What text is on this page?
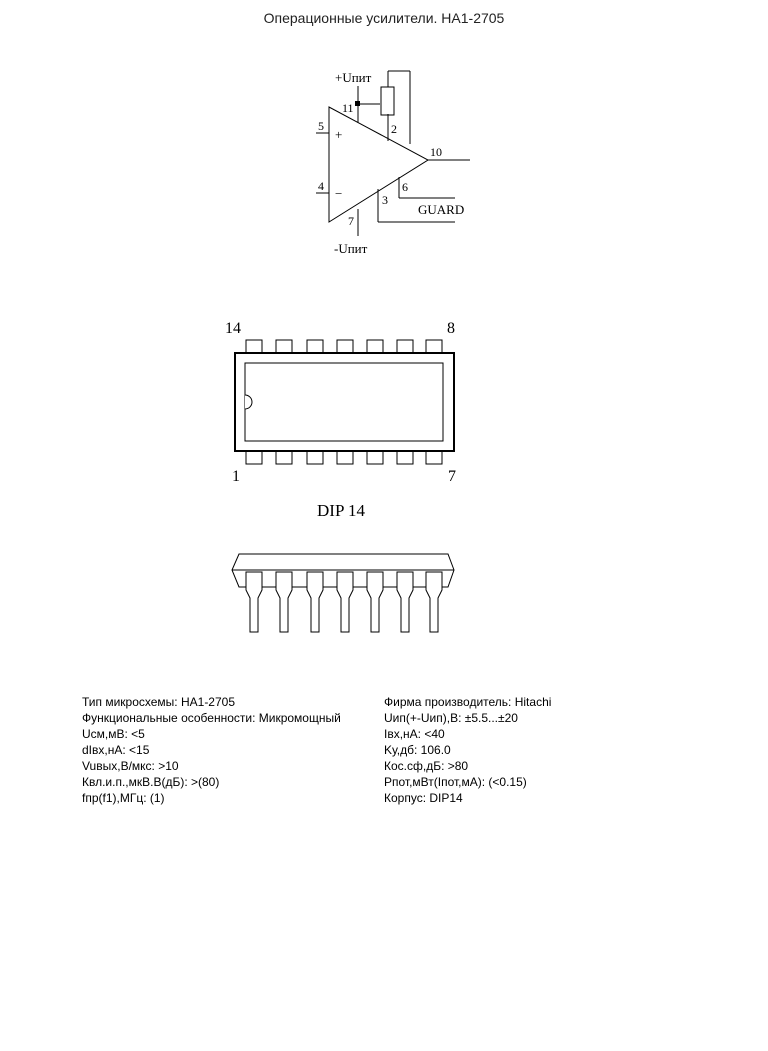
Операционные усилители. HA1-2705
+Uпит
-Uпит
GUARD
11
2
5
4
10
6
3
7
+
−
14	8
1	7
DIP 14
Тип микросхемы: HA1-2705
Функциональные особенности: Микромощный
Uсм,мВ: <5
dIвх,нА: <15
Vuвых,В/мкс: >10
Квл.и.п.,мкВ.В(дБ): >(80)
fпр(f1),МГц: (1)
Фирма производитель: Hitachi
Uип(+-Uип),В: ±5.5...±20
Iвх,нА: <40
Kу,дб: 106.0
Кос.сф,дБ: >80
Рпот,мВт(Iпот,мА): (<0.15)
Корпус: DIP14
